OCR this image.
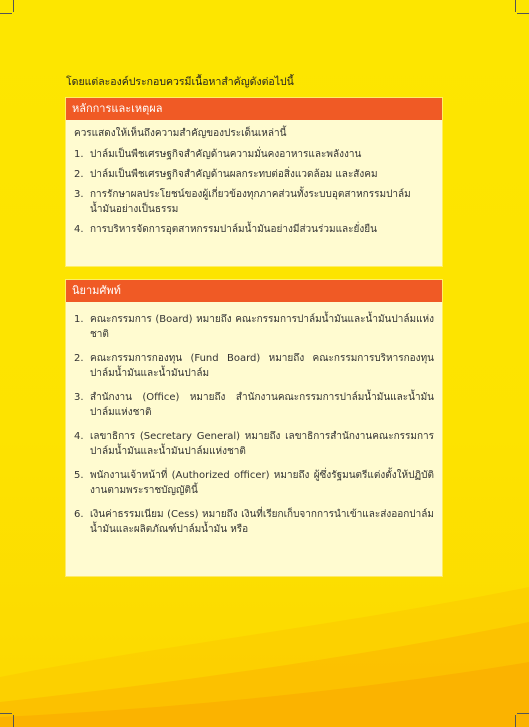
โดยแต่ละองค์ประกอบควรมีเนื้อหาสำคัญดังต่อไปนี้
หลักการและเหตุผล

ควรแสดงให้เห็นถึงความสำคัญของประเด็นเหล่านี้

1. ปาล์มเป็นพืชเศรษฐกิจสำคัญด้านความมั่นคงอาหารและพลังงาน
2. ปาล์มเป็นพืชเศรษฐกิจสำคัญด้านผลกระทบต่อสิ่งแวดล้อม และสังคม
3. การรักษาผลประโยชน์ของผู้เกี่ยวข้องทุกภาคส่วนทั้งระบบอุตสาหกรรมปาล์มน้ำมันอย่างเป็นธรรม
4. การบริหารจัดการอุตสาหกรรมปาล์มน้ำมันอย่างมีส่วนร่วมและยั่งยืน
นิยามศัพท์
1. คณะกรรมการ (Board) หมายถึง คณะกรรมการปาล์มน้ำมันและน้ำมันปาล์มแห่งชาติ
2. คณะกรรมการกองทุน (Fund Board) หมายถึง คณะกรรมการบริหารกองทุนปาล์มน้ำมันและน้ำมันปาล์ม
3. สำนักงาน (Office) หมายถึง สำนักงานคณะกรรมการปาล์มน้ำมันและน้ำมันปาล์มแห่งชาติ
4. เลขาธิการ (Secretary General) หมายถึง เลขาธิการสำนักงานคณะกรรมการปาล์มน้ำมันและน้ำมันปาล์มแห่งชาติ
5. พนักงานเจ้าหน้าที่ (Authorized officer) หมายถึง ผู้ซึ่งรัฐมนตรีแต่งตั้งให้ปฏิบัติงานตามพระราชบัญญัตินี้
6. เงินค่าธรรมเนียม (Cess) หมายถึง เงินที่เรียกเก็บจากการนำเข้าและส่งออกปาล์มน้ำมันและผลิตภัณฑ์ปาล์มน้ำมัน หรือ
